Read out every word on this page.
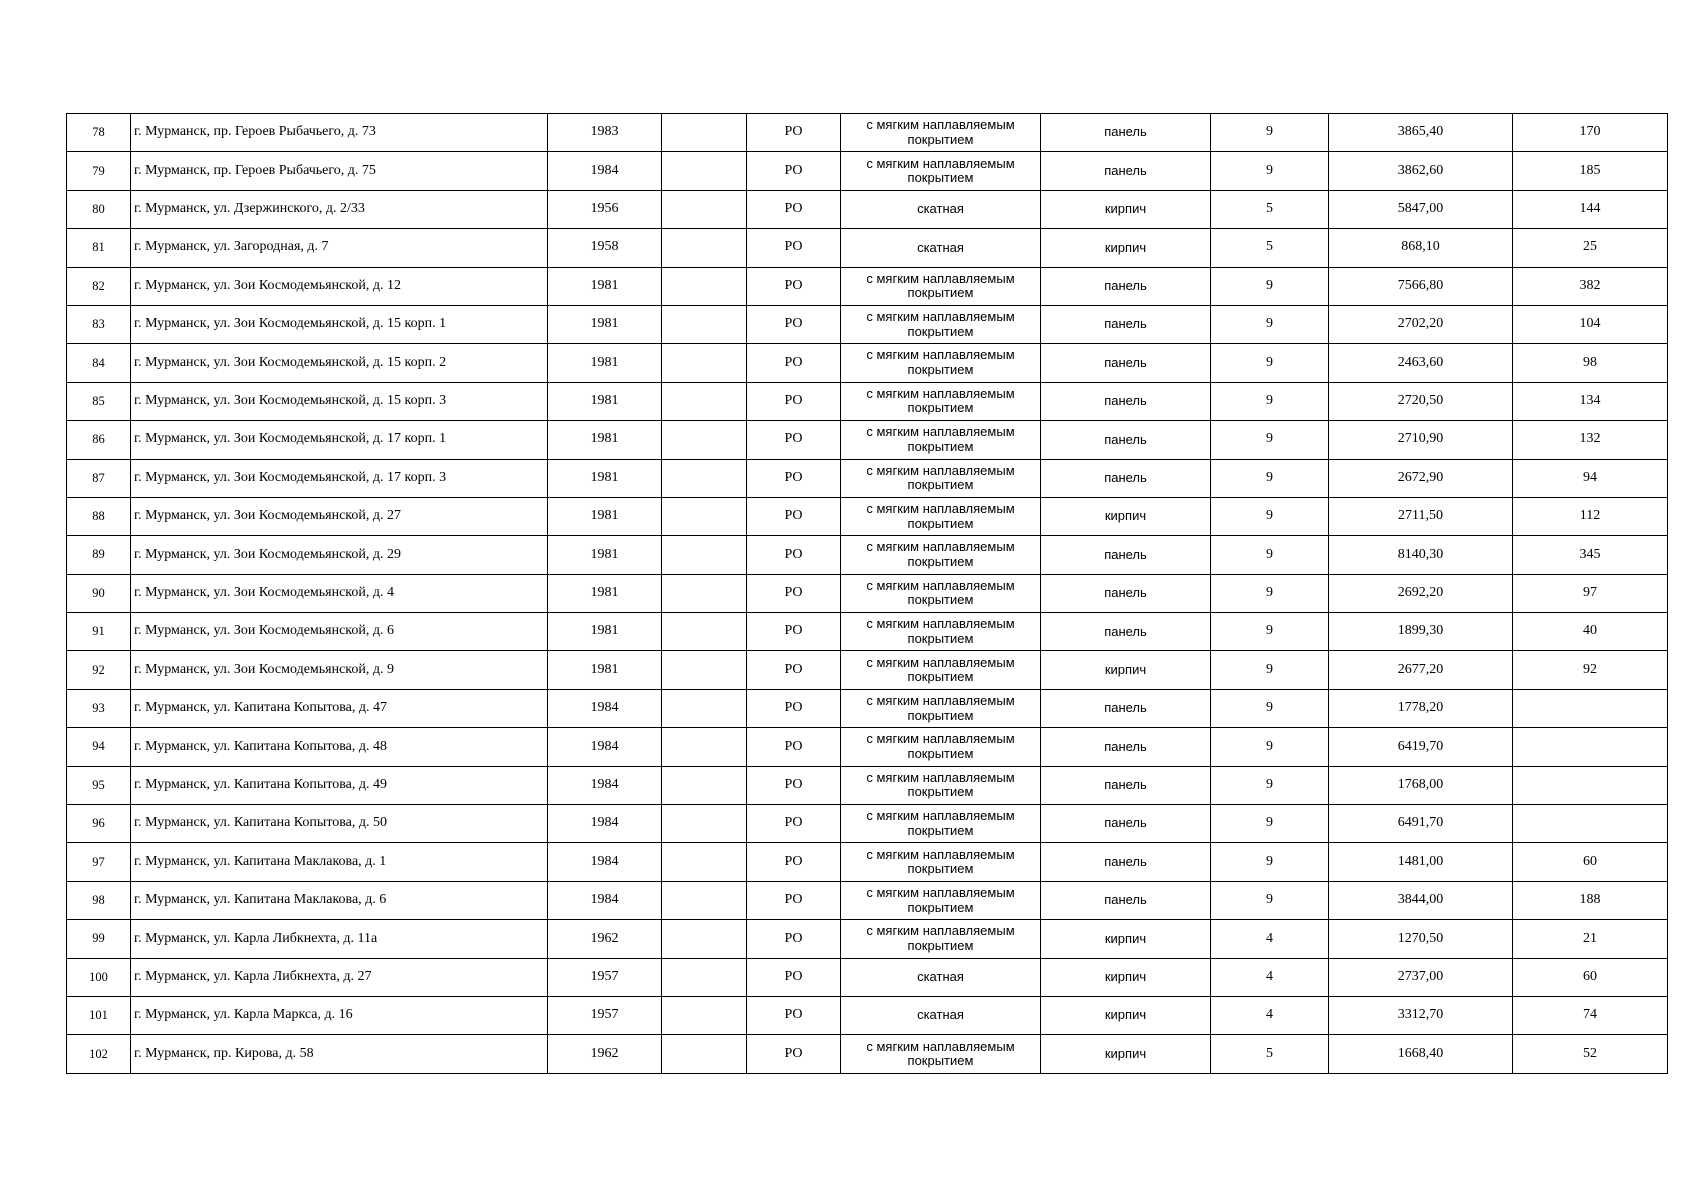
78	г. Мурманск, пр. Героев Рыбачьего, д. 73	1983		РО	с мягким наплавляемым
покрытием	панель	9	3865,40	170
79	г. Мурманск, пр. Героев Рыбачьего, д. 75	1984		РО	с мягким наплавляемым
покрытием	панель	9	3862,60	185
80	г. Мурманск, ул. Дзержинского, д. 2/33	1956		РО	скатная	кирпич	5	5847,00	144
81	г. Мурманск, ул. Загородная, д. 7	1958		РО	скатная	кирпич	5	868,10	25
82	г. Мурманск, ул. Зои Космодемьянской, д. 12	1981		РО	с мягким наплавляемым
покрытием	панель	9	7566,80	382
83	г. Мурманск, ул. Зои Космодемьянской, д. 15 корп. 1	1981		РО	с мягким наплавляемым
покрытием	панель	9	2702,20	104
84	г. Мурманск, ул. Зои Космодемьянской, д. 15 корп. 2	1981		РО	с мягким наплавляемым
покрытием	панель	9	2463,60	98
85	г. Мурманск, ул. Зои Космодемьянской, д. 15 корп. 3	1981		РО	с мягким наплавляемым
покрытием	панель	9	2720,50	134
86	г. Мурманск, ул. Зои Космодемьянской, д. 17 корп. 1	1981		РО	с мягким наплавляемым
покрытием	панель	9	2710,90	132
87	г. Мурманск, ул. Зои Космодемьянской, д. 17 корп. 3	1981		РО	с мягким наплавляемым
покрытием	панель	9	2672,90	94
88	г. Мурманск, ул. Зои Космодемьянской, д. 27	1981		РО	с мягким наплавляемым
покрытием	кирпич	9	2711,50	112
89	г. Мурманск, ул. Зои Космодемьянской, д. 29	1981		РО	с мягким наплавляемым
покрытием	панель	9	8140,30	345
90	г. Мурманск, ул. Зои Космодемьянской, д. 4	1981		РО	с мягким наплавляемым
покрытием	панель	9	2692,20	97
91	г. Мурманск, ул. Зои Космодемьянской, д. 6	1981		РО	с мягким наплавляемым
покрытием	панель	9	1899,30	40
92	г. Мурманск, ул. Зои Космодемьянской, д. 9	1981		РО	с мягким наплавляемым
покрытием	кирпич	9	2677,20	92
93	г. Мурманск, ул. Капитана Копытова, д. 47	1984		РО	с мягким наплавляемым
покрытием	панель	9	1778,20	
94	г. Мурманск, ул. Капитана Копытова, д. 48	1984		РО	с мягким наплавляемым
покрытием	панель	9	6419,70	
95	г. Мурманск, ул. Капитана Копытова, д. 49	1984		РО	с мягким наплавляемым
покрытием	панель	9	1768,00	
96	г. Мурманск, ул. Капитана Копытова, д. 50	1984		РО	с мягким наплавляемым
покрытием	панель	9	6491,70	
97	г. Мурманск, ул. Капитана Маклакова, д. 1	1984		РО	с мягким наплавляемым
покрытием	панель	9	1481,00	60
98	г. Мурманск, ул. Капитана Маклакова, д. 6	1984		РО	с мягким наплавляемым
покрытием	панель	9	3844,00	188
99	г. Мурманск, ул. Карла Либкнехта, д. 11а	1962		РО	с мягким наплавляемым
покрытием	кирпич	4	1270,50	21
100	г. Мурманск, ул. Карла Либкнехта, д. 27	1957		РО	скатная	кирпич	4	2737,00	60
101	г. Мурманск, ул. Карла Маркса, д. 16	1957		РО	скатная	кирпич	4	3312,70	74
102	г. Мурманск, пр. Кирова, д. 58	1962		РО	с мягким наплавляемым
покрытием	кирпич	5	1668,40	52
